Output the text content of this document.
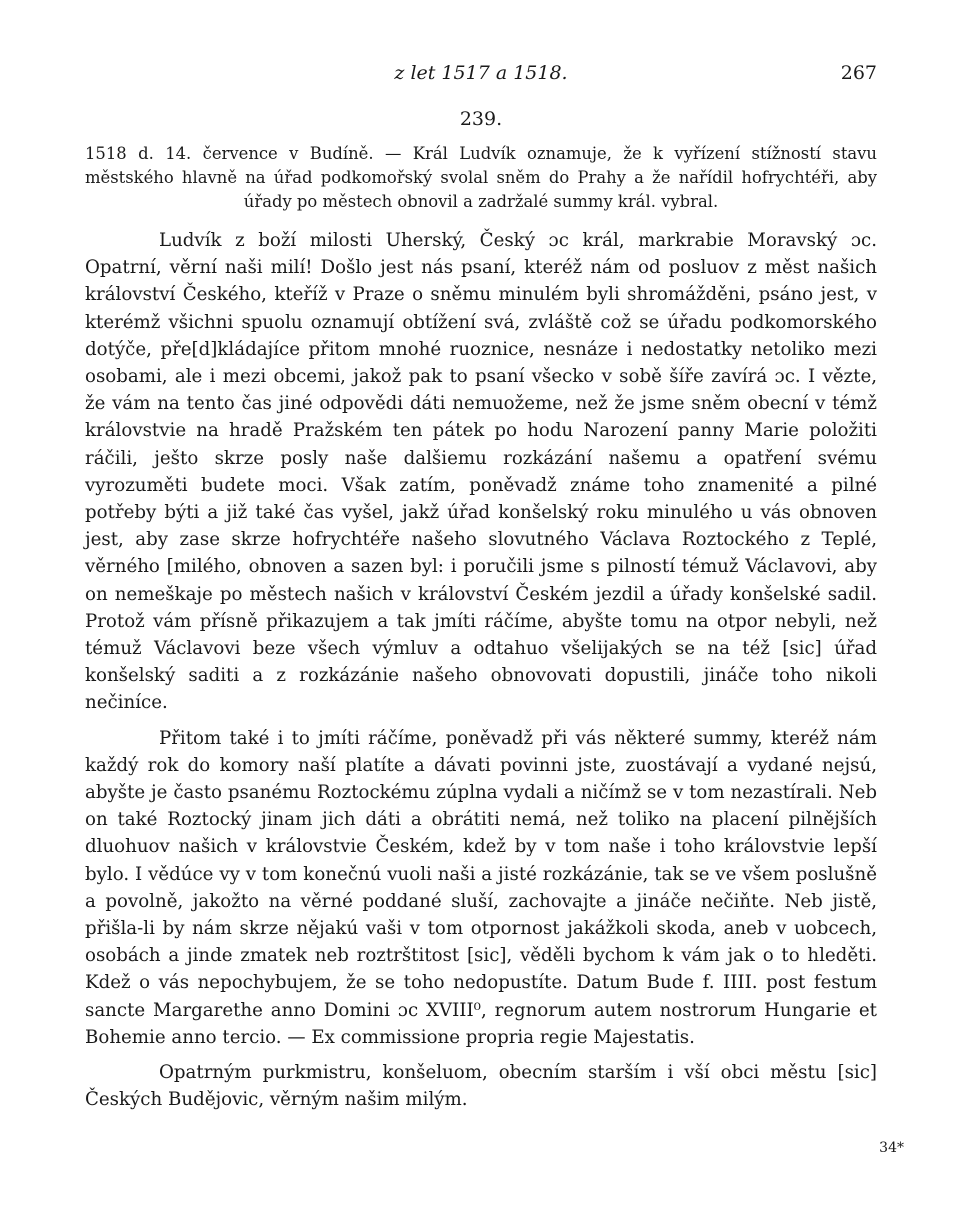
z let 1517 a 1518.	267
239.
1518 d. 14. července v Budíně. — Král Ludvík oznamuje, že k vyřízení stížností stavu městského hlavně na úřad podkomořský svolal sněm do Prahy a že nařídil hofrychtéři, aby úřady po městech obnovil a zadržalé summy král. vybral.

Ludvík z boží milosti Uherský, Český ɔc král, markrabie Moravský ɔc. Opatrní, věrní naši milí! Došlo jest nás psaní, kteréž nám od posluov z měst našich království Českého, kteříž v Praze o sněmu minulém byli shromážděni, psáno jest, v kterémž všichni spuolu oznamují obtížení svá, zvláště což se úřadu podkomorského dotýče, pře[d]kládajíce přitom mnohé ruoznice, nesnáze i nedostatky netoliko mezi osobami, ale i mezi obcemi, jakož pak to psaní všecko v sobě šíře zavírá ɔc. I vězte, že vám na tento čas jiné odpovědi dáti nemuožeme, než že jsme sněm obecní v témž královstvie na hradě Pražském ten pátek po hodu Narození panny Marie položiti ráčili, ještо skrze posly naše dalšiemu rozkázání našemu a opatření svému vyrozuměti budete moci. Však zatím, poněvadž známe toho znamenité a pilné potřeby býti a již také čas vyšel, jakž úřad konšelský roku minulého u vás obnoven jest, aby zase skrze hofrychtéře našeho slovutného Václava Roztockého z Teplé, věrného [milého, obnoven a sazen byl: i poručili jsme s pilností témuž Václavovi, aby on nemeškaje po městech našich v království Českém jezdil a úřady konšelské sadil. Protož vám přísně přikazujem a tak jmíti ráčíme, abyšte tomu na otpor nebyli, než témuž Václavovi beze všech výmluv a odtahuo všelijakých se na též [sic] úřad konšelský saditi a z rozkázánie našeho obnovovati dopustili, jináče toho nikoli nečiníce.

Přitom také i to jmíti ráčíme, poněvadž při vás některé summy, kteréž nám každý rok do komory naší platíte a dávati povinni jste, zuostávají a vydané nejsú, abyšte je často psanému Roztockému zúplna vydali a ničímž se v tom nezastírali. Neb on také Roztocký jinam jich dáti a obrátiti nemá, než toliko na placení pilnějších dluohuov našich v královstvie Českém, kdež by v tom naše i toho královstvie lepší bylo. I vědúce vy v tom konečnú vuoli naši a jisté rozkázánie, tak se ve všem poslušně a povolně, jakožto na věrné poddané sluší, zachovajte a jináče nečiňte. Neb jistě, přišla-li by nám skrze nějakú vaši v tom otpornost jakážkoli skoda, aneb v uobcech, osobách a jinde zmatek neb roztrštitost [sic], věděli bychom k vám jak o to hleděti. Kdež o vás nepochybujem, že se toho nedopustíte. Datum Bude f. IIII. post festum sancte Margarethe anno Domini ɔc XVIII⁰, regnorum autem nostrorum Hungarie et Bohemie anno tercio. — Ex commissione propria regie Majestatis.

Opatrným purkmistru, konšeluom, obecním starším i vší obci městu [sic] Českých Budějovic, věrným našim milým.

34*
